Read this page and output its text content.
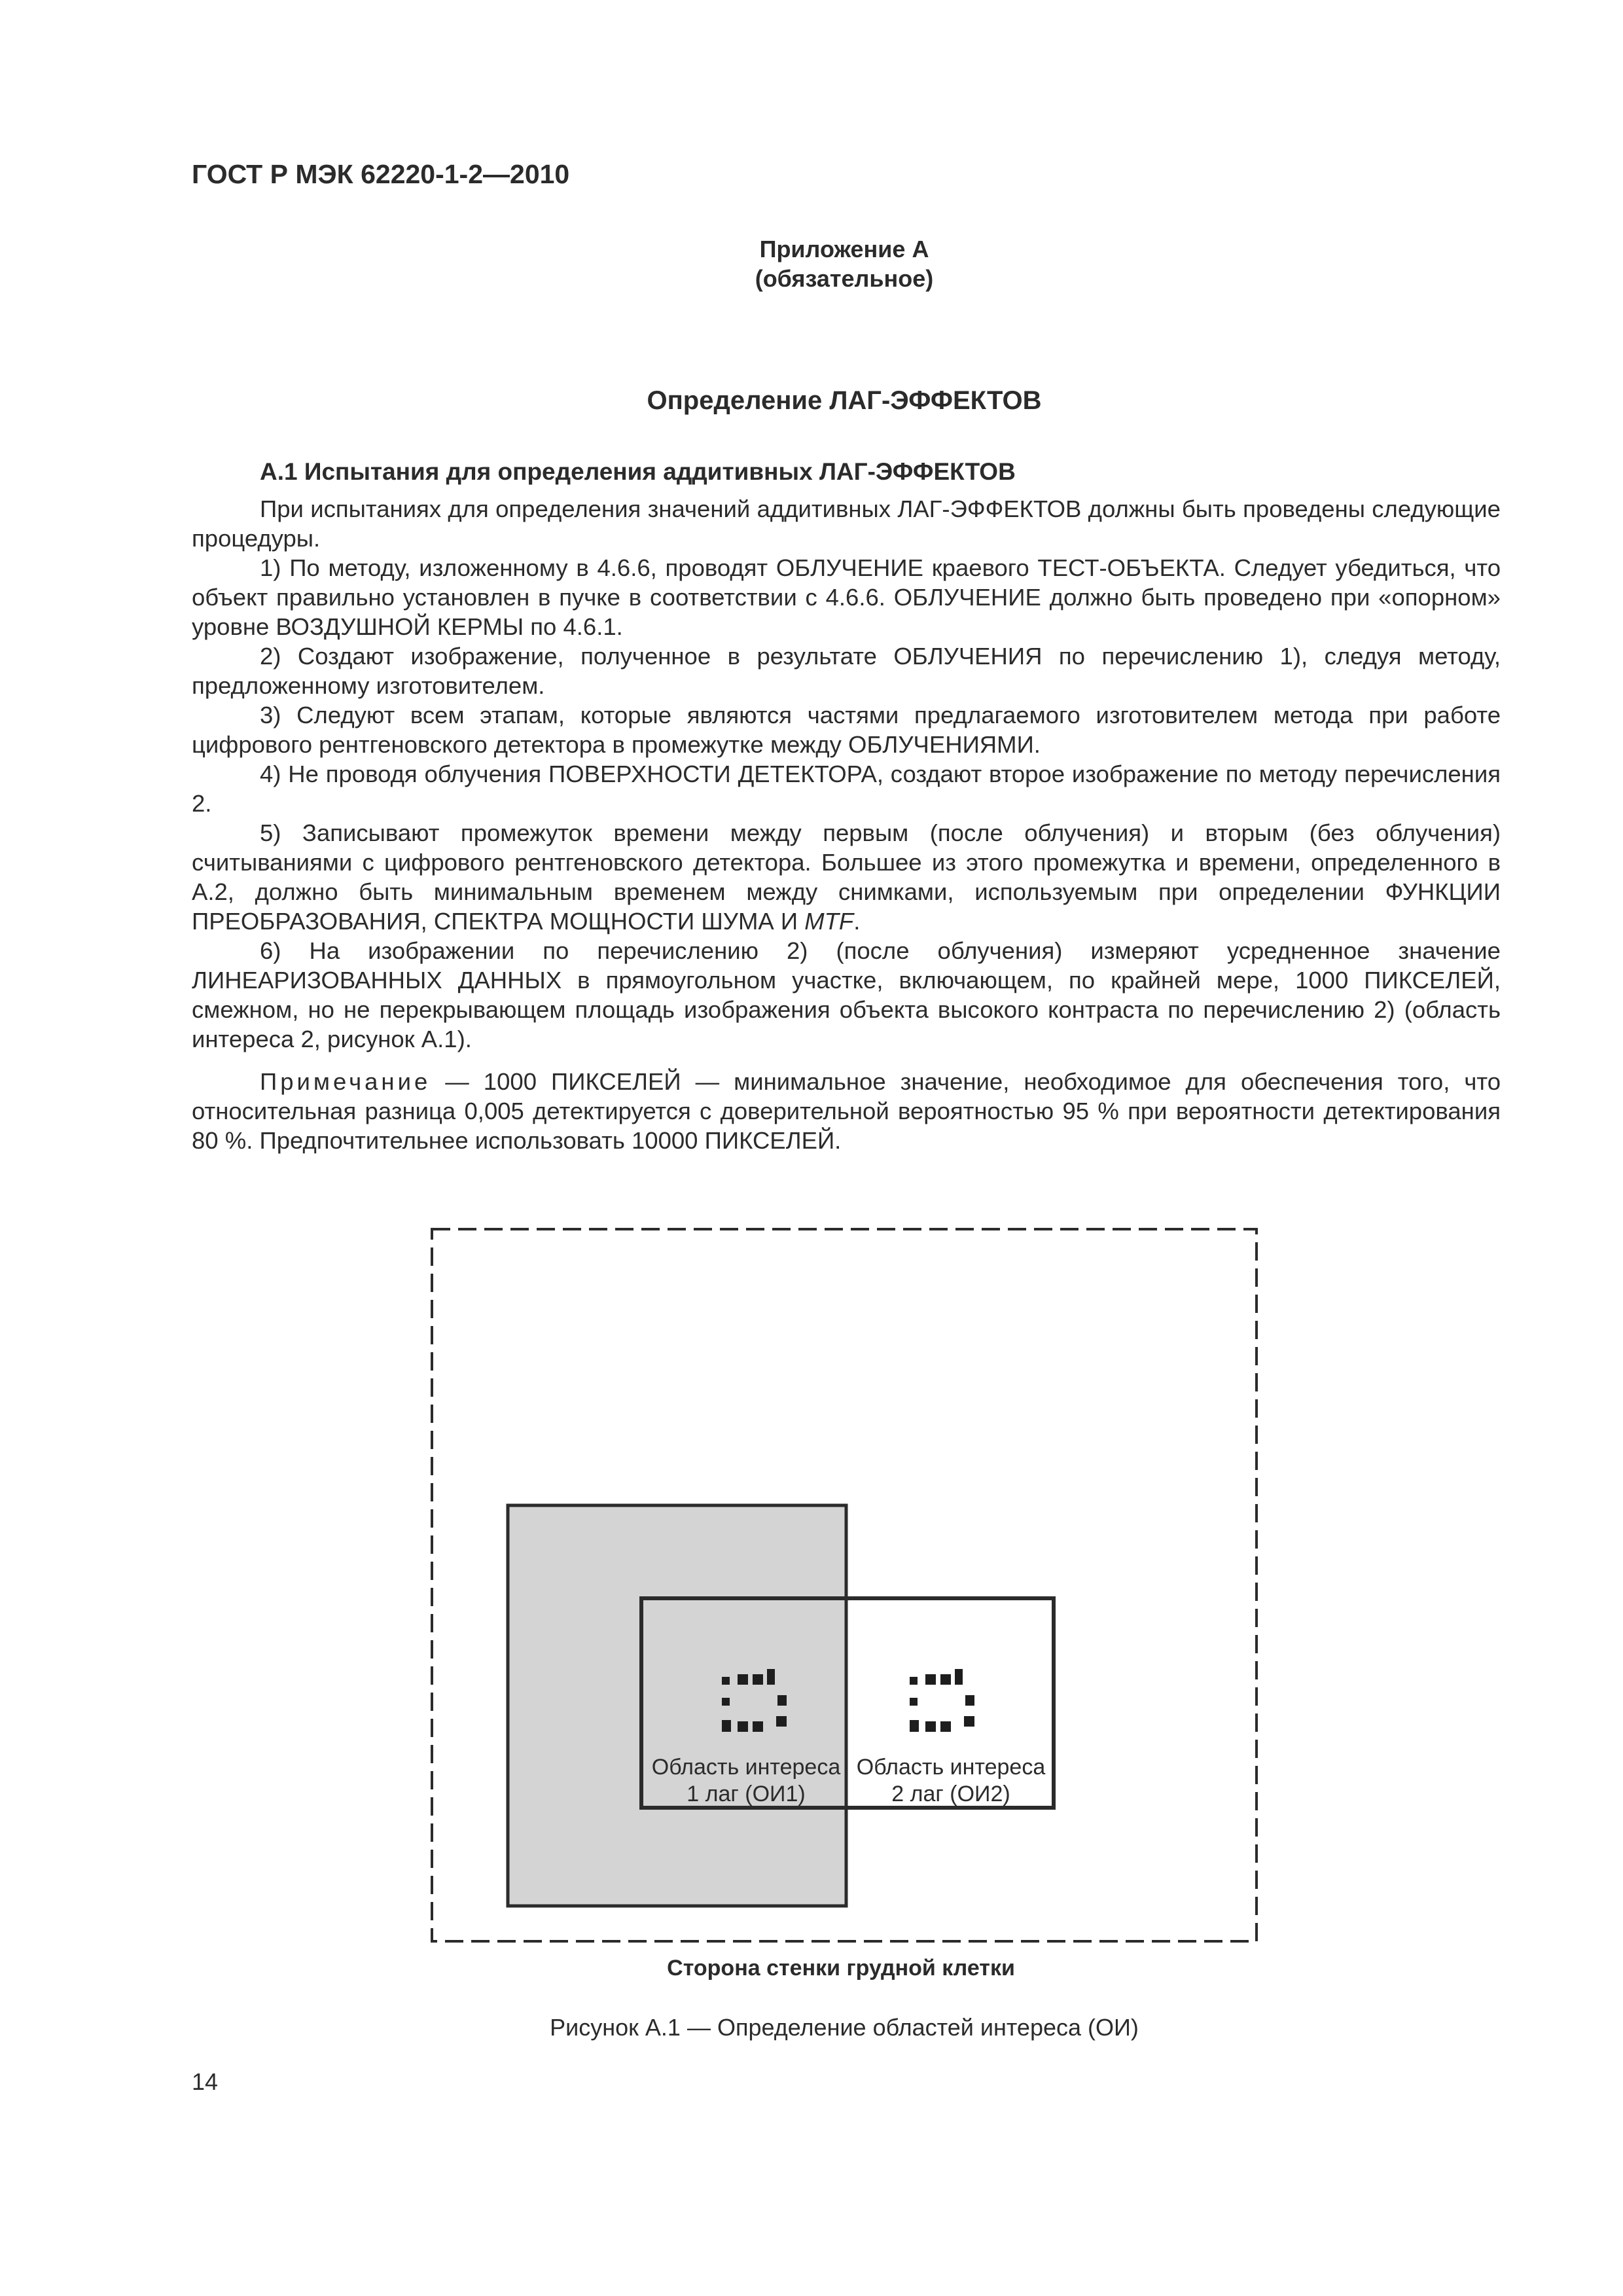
ГОСТ Р МЭК 62220-1-2—2010
Приложение А
(обязательное)
Определение ЛАГ-ЭФФЕКТОВ
А.1 Испытания для определения аддитивных ЛАГ-ЭФФЕКТОВ

При испытаниях для определения значений аддитивных ЛАГ-ЭФФЕКТОВ должны быть проведены следующие процедуры.

1) По методу, изложенному в 4.6.6, проводят ОБЛУЧЕНИЕ краевого ТЕСТ-ОБЪЕКТА. Следует убедиться, что объект правильно установлен в пучке в соответствии с 4.6.6. ОБЛУЧЕНИЕ должно быть проведено при «опорном» уровне ВОЗДУШНОЙ КЕРМЫ по 4.6.1.

2) Создают изображение, полученное в результате ОБЛУЧЕНИЯ по перечислению 1), следуя методу, предложенному изготовителем.

3) Следуют всем этапам, которые являются частями предлагаемого изготовителем метода при работе цифрового рентгеновского детектора в промежутке между ОБЛУЧЕНИЯМИ.

4) Не проводя облучения ПОВЕРХНОСТИ ДЕТЕКТОРА, создают второе изображение по методу перечисления 2.

5) Записывают промежуток времени между первым (после облучения) и вторым (без облучения) считываниями с цифрового рентгеновского детектора. Большее из этого промежутка и времени, определенного в А.2, должно быть минимальным временем между снимками, используемым при определении ФУНКЦИИ ПРЕОБРАЗОВАНИЯ, СПЕКТРА МОЩНОСТИ ШУМА И MTF.

6) На изображении по перечислению 2) (после облучения) измеряют усредненное значение ЛИНЕАРИЗОВАННЫХ ДАННЫХ в прямоугольном участке, включающем, по крайней мере, 1000 ПИКСЕЛЕЙ, смежном, но не перекрывающем площадь изображения объекта высокого контраста по перечислению 2) (область интереса 2, рисунок А.1).

Примечание — 1000 ПИКСЕЛЕЙ — минимальное значение, необходимое для обеспечения того, что относительная разница 0,005 детектируется с доверительной вероятностью 95 % при вероятности детектирования 80 %. Предпочтительнее использовать 10000 ПИКСЕЛЕЙ.

Область интереса
1 лаг (ОИ1)
Область интереса
2 лаг (ОИ2)
Сторона стенки грудной клетки
Рисунок А.1 — Определение областей интереса (ОИ)
14
